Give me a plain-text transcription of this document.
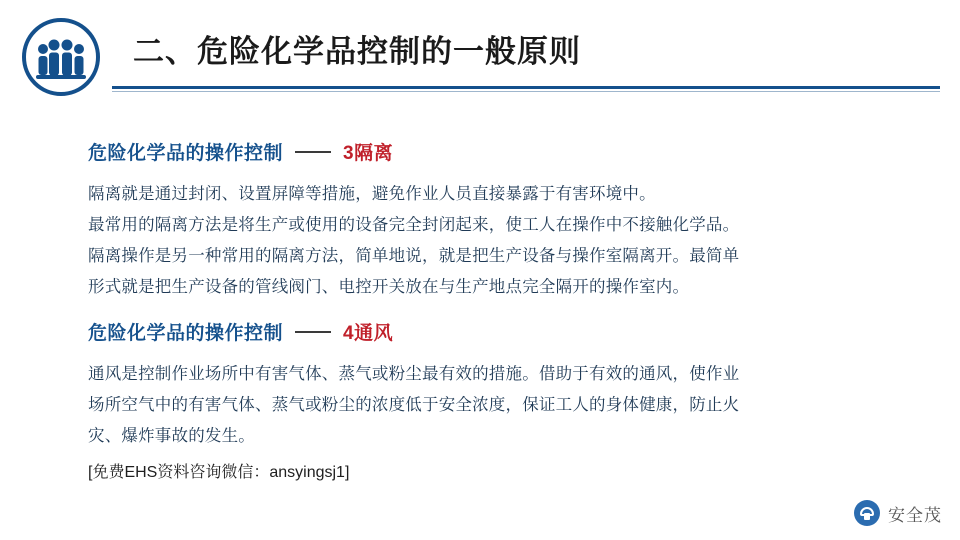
二、危险化学品控制的一般原则
危险化学品的操作控制	3隔离
隔离就是通过封闭、设置屏障等措施，避免作业人员直接暴露于有害环境中。
最常用的隔离方法是将生产或使用的设备完全封闭起来，使工人在操作中不接触化学品。
隔离操作是另一种常用的隔离方法，简单地说，就是把生产设备与操作室隔离开。最简单
形式就是把生产设备的管线阀门、电控开关放在与生产地点完全隔开的操作室内。
危险化学品的操作控制	4通风
通风是控制作业场所中有害气体、蒸气或粉尘最有效的措施。借助于有效的通风，使作业
场所空气中的有害气体、蒸气或粉尘的浓度低于安全浓度，保证工人的身体健康，防止火
灾、爆炸事故的发生。
[免费EHS资料咨询微信：ansyingsj1]
安全茂
